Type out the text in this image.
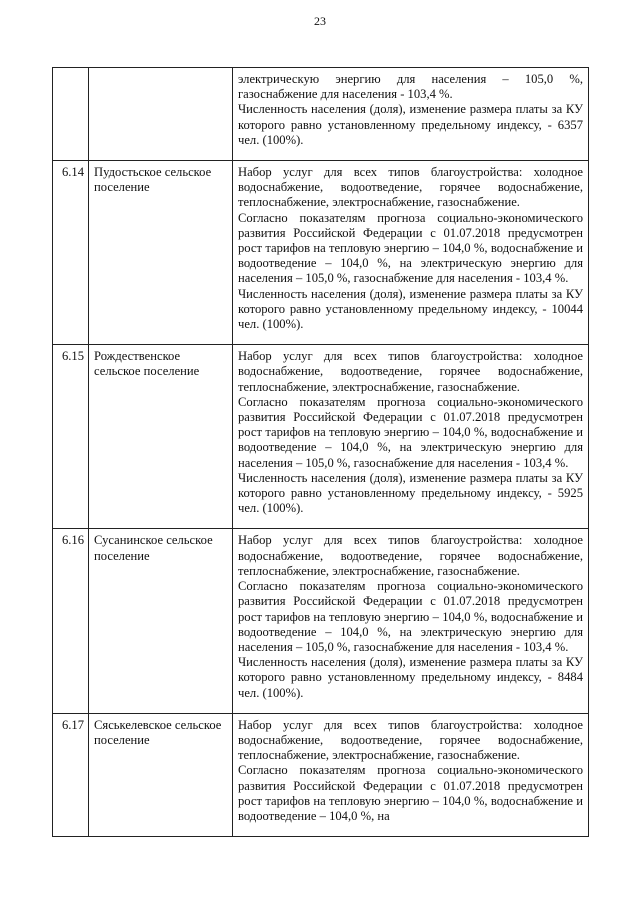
23

		электрическую энергию для населения – 105,0 %, газоснабжение для населения - 103,4 %.

Численность населения (доля), изменение размера платы за КУ которого равно установленному предельному индексу, - 6357 чел. (100%).

6.14	Пудостьское сельское поселение	Набор услуг для всех типов благоустройства: холодное водоснабжение, водоотведение, горячее водоснабжение, теплоснабжение, электроснабжение, газоснабжение.

Согласно показателям прогноза социально-экономического развития Российской Федерации с 01.07.2018 предусмотрен рост тарифов на тепловую энергию – 104,0 %, водоснабжение и водоотведение – 104,0 %, на электрическую энергию для населения – 105,0 %, газоснабжение для населения - 103,4 %.

Численность населения (доля), изменение размера платы за КУ которого равно установленному предельному индексу, - 10044 чел. (100%).

6.15	Рождественское сельское поселение	Набор услуг для всех типов благоустройства: холодное водоснабжение, водоотведение, горячее водоснабжение, теплоснабжение, электроснабжение, газоснабжение.

Согласно показателям прогноза социально-экономического развития Российской Федерации с 01.07.2018 предусмотрен рост тарифов на тепловую энергию – 104,0 %, водоснабжение и водоотведение – 104,0 %, на электрическую энергию для населения – 105,0 %, газоснабжение для населения - 103,4 %.

Численность населения (доля), изменение размера платы за КУ которого равно установленному предельному индексу, - 5925 чел. (100%).

6.16	Сусанинское сельское поселение	Набор услуг для всех типов благоустройства: холодное водоснабжение, водоотведение, горячее водоснабжение, теплоснабжение, электроснабжение, газоснабжение.

Согласно показателям прогноза социально-экономического развития Российской Федерации с 01.07.2018 предусмотрен рост тарифов на тепловую энергию – 104,0 %, водоснабжение и водоотведение – 104,0 %, на электрическую энергию для населения – 105,0 %, газоснабжение для населения - 103,4 %.

Численность населения (доля), изменение размера платы за КУ которого равно установленному предельному индексу, - 8484 чел. (100%).

6.17	Сяськелевское сельское поселение	Набор услуг для всех типов благоустройства: холодное водоснабжение, водоотведение, горячее водоснабжение, теплоснабжение, электроснабжение, газоснабжение.

Согласно показателям прогноза социально-экономического развития Российской Федерации с 01.07.2018 предусмотрен рост тарифов на тепловую энергию – 104,0 %, водоснабжение и водоотведение – 104,0 %, на
